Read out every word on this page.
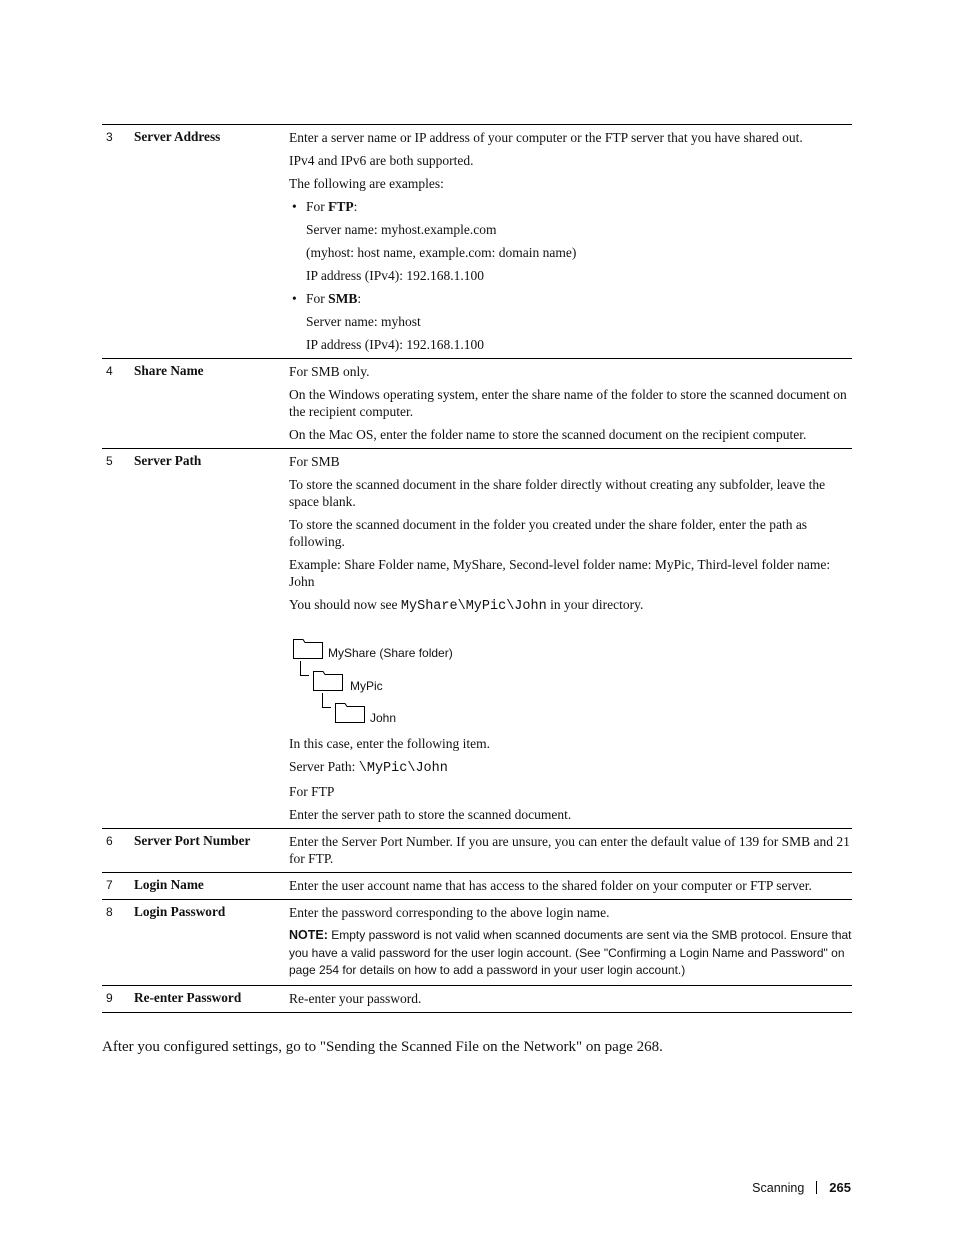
3 Server Address	Enter a server name or IP address of your computer or the FTP server that you have shared out.

IPv4 and IPv6 are both supported.

The following are examples:

• For FTP:

Server name: myhost.example.com

(myhost: host name, example.com: domain name)

IP address (IPv4): 192.168.1.100

• For SMB:

Server name: myhost

IP address (IPv4): 192.168.1.100

4 Share Name	For SMB only.

On the Windows operating system, enter the share name of the folder to store the scanned document on the recipient computer.

On the Mac OS, enter the folder name to store the scanned document on the recipient computer.

5 Server Path	For SMB

To store the scanned document in the share folder directly without creating any subfolder, leave the space blank.

To store the scanned document in the folder you created under the share folder, enter the path as following.

Example: Share Folder name, MyShare, Second-level folder name: MyPic, Third-level folder name: John

You should now see MyShare\MyPic\John in your directory.

MyShare (Share folder)
MyPic
John

In this case, enter the following item.

Server Path: \MyPic\John

For FTP

Enter the server path to store the scanned document.

6 Server Port Number	Enter the Server Port Number. If you are unsure, you can enter the default value of 139 for SMB and 21 for FTP.

7 Login Name	Enter the user account name that has access to the shared folder on your computer or FTP server.

8 Login Password	Enter the password corresponding to the above login name.

NOTE: Empty password is not valid when scanned documents are sent via the SMB protocol. Ensure that you have a valid password for the user login account. (See "Confirming a Login Name and Password" on page 254 for details on how to add a password in your user login account.)

9 Re-enter Password	Re-enter your password.

After you configured settings, go to "Sending the Scanned File on the Network" on page 268.

Scanning 265
